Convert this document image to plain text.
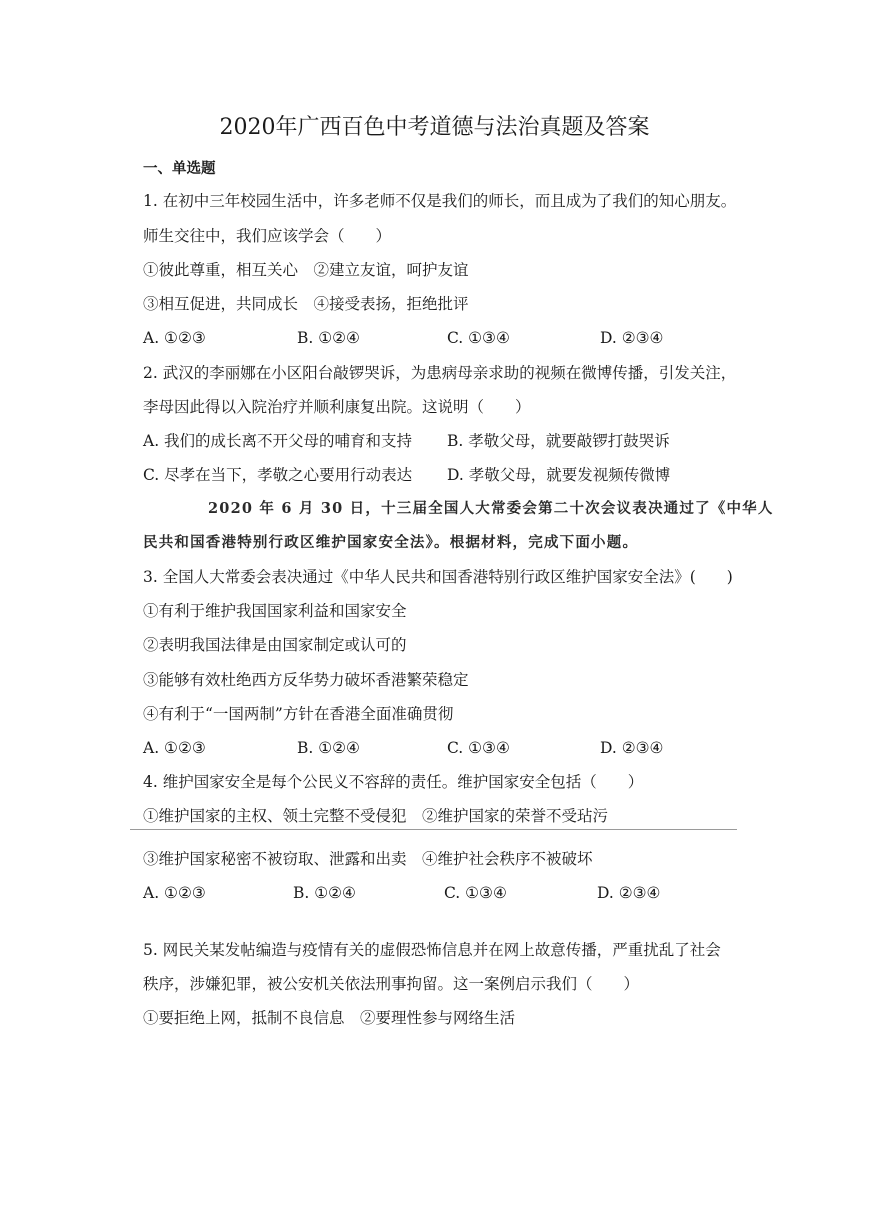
2020年广西百色中考道德与法治真题及答案
一、单选题
1. 在初中三年校园生活中，许多老师不仅是我们的师长，而且成为了我们的知心朋友。
师生交往中，我们应该学会（　　）
①彼此尊重，相互关心　②建立友谊，呵护友谊
③相互促进，共同成长　④接受表扬，拒绝批评
A. ①②③	B. ①②④	C. ①③④	D. ②③④
2. 武汉的李丽娜在小区阳台敲锣哭诉，为患病母亲求助的视频在微博传播，引发关注，
李母因此得以入院治疗并顺利康复出院。这说明（　　）
A. 我们的成长离不开父母的哺育和支持 B. 孝敬父母，就要敲锣打鼓哭诉
C. 尽孝在当下，孝敬之心要用行动表达 D. 孝敬父母，就要发视频传微博
2020 年 6 月 30 日，十三届全国人大常委会第二十次会议表决通过了《中华人
民共和国香港特别行政区维护国家安全法》。根据材料，完成下面小题。
3. 全国人大常委会表决通过《中华人民共和国香港特别行政区维护国家安全法》(　　)
①有利于维护我国国家利益和国家安全
②表明我国法律是由国家制定或认可的
③能够有效杜绝西方反华势力破坏香港繁荣稳定
④有利于“一国两制”方针在香港全面准确贯彻
A. ①②③	B. ①②④	C. ①③④	D. ②③④
4. 维护国家安全是每个公民义不容辞的责任。维护国家安全包括（　　）
①维护国家的主权、领土完整不受侵犯　②维护国家的荣誉不受玷污
③维护国家秘密不被窃取、泄露和出卖　④维护社会秩序不被破坏
A. ①②③	B. ①②④	C. ①③④	D. ②③④
5. 网民关某发帖编造与疫情有关的虚假恐怖信息并在网上故意传播，严重扰乱了社会
秩序，涉嫌犯罪，被公安机关依法刑事拘留。这一案例启示我们（　　）
①要拒绝上网，抵制不良信息　②要理性参与网络生活
